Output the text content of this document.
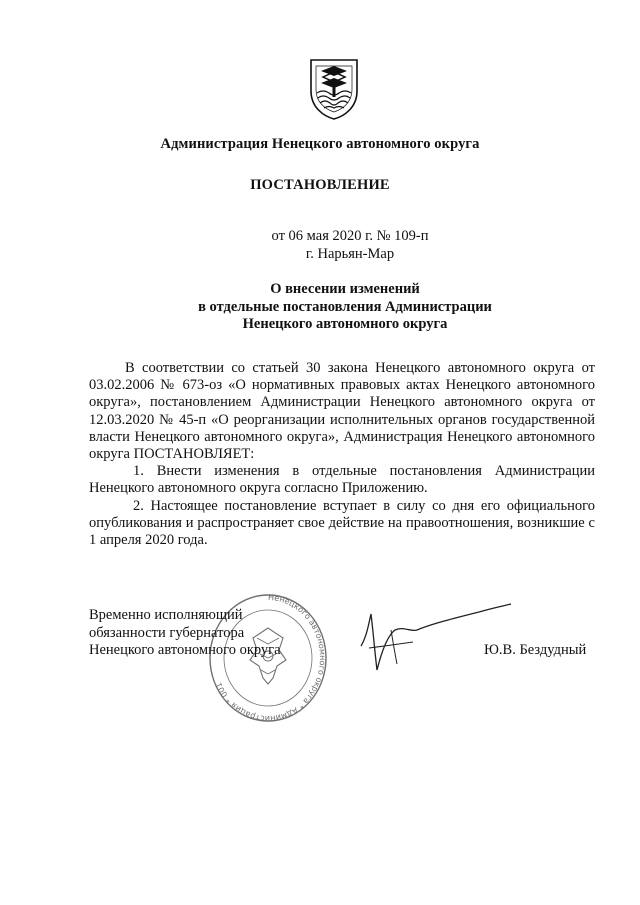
Администрация Ненецкого автономного округа
ПОСТАНОВЛЕНИЕ
от 06 мая 2020 г. № 109-п
г. Нарьян-Мар
О внесении изменений
в отдельные постановления Администрации
Ненецкого автономного округа
В соответствии со статьей 30 закона Ненецкого автономного округа от 03.02.2006 № 673-оз «О нормативных правовых актах Ненецкого автономного округа», постановлением Администрации Ненецкого автономного округа от 12.03.2020 № 45-п «О реорганизации исполнительных органов государственной власти Ненецкого автономного округа», Администрация Ненецкого автономного округа ПОСТАНОВЛЯЕТ:
1. Внести изменения в отдельные постановления Администрации Ненецкого автономного округа согласно Приложению.
2. Настоящее постановление вступает в силу со дня его официального опубликования и распространяет свое действие на правоотношения, возникшие с 1 апреля 2020 года.
Ненецкого автономного округа * Администрация * 001
Временно исполняющий
обязанности губернатора
Ненецкого автономного округа	Ю.В. Бездудный
